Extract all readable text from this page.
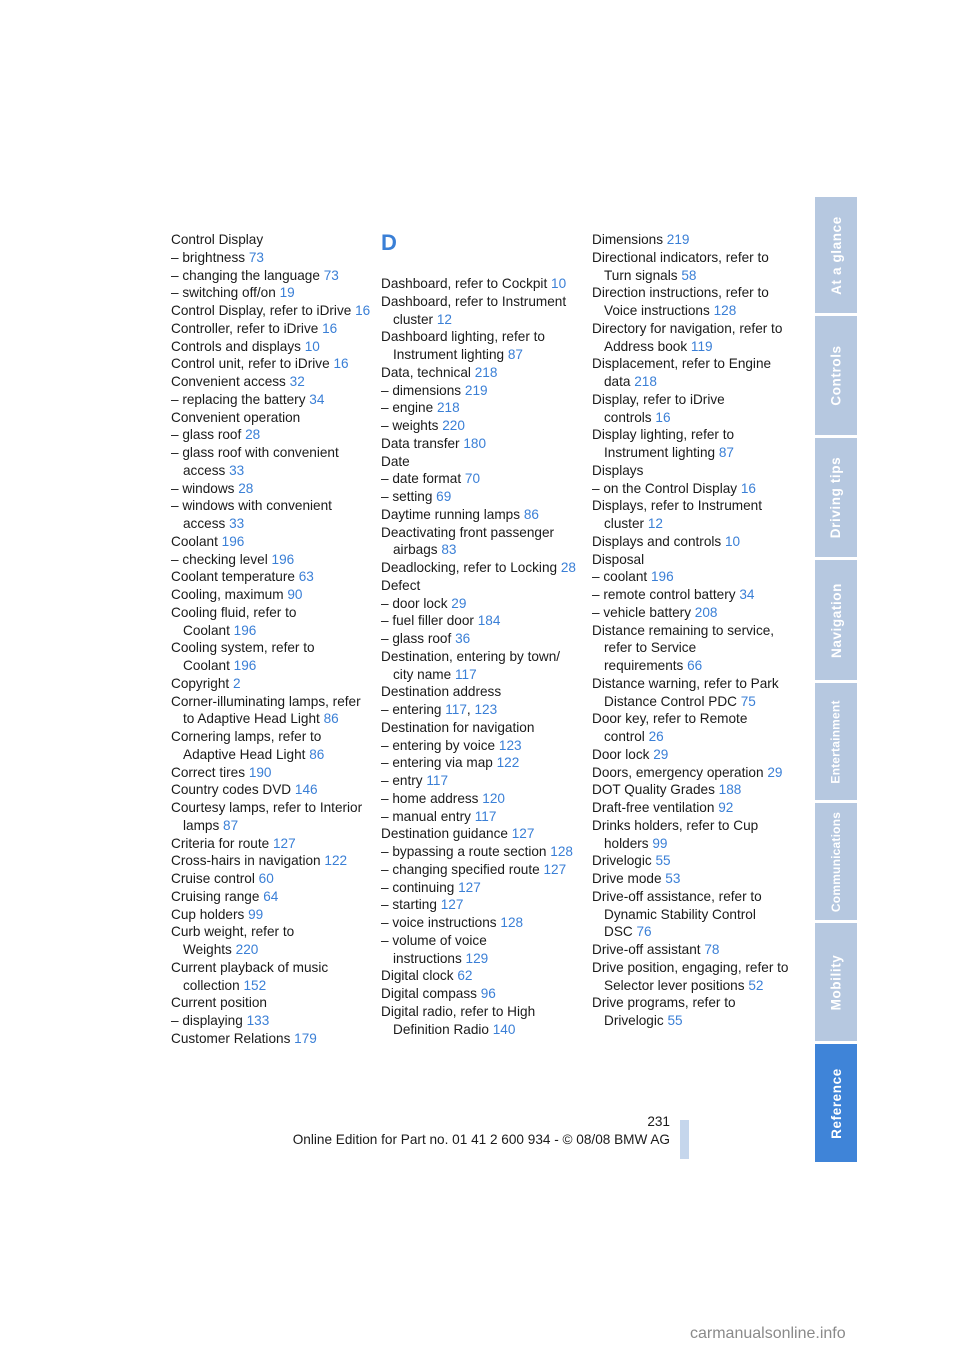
Control Display
– brightness 73
– changing the language 73
– switching off/on 19
Control Display, refer to iDrive 16
Controller, refer to iDrive 16
Controls and displays 10
Control unit, refer to iDrive 16
Convenient access 32
– replacing the battery 34
Convenient operation
– glass roof 28
– glass roof with convenient access 33
– windows 28
– windows with convenient access 33
Coolant 196
– checking level 196
Coolant temperature 63
Cooling, maximum 90
Cooling fluid, refer to Coolant 196
Cooling system, refer to Coolant 196
Copyright 2
Corner-illuminating lamps, refer to Adaptive Head Light 86
Cornering lamps, refer to Adaptive Head Light 86
Correct tires 190
Country codes DVD 146
Courtesy lamps, refer to Interior lamps 87
Criteria for route 127
Cross-hairs in navigation 122
Cruise control 60
Cruising range 64
Cup holders 99
Curb weight, refer to Weights 220
Current playback of music collection 152
Current position
– displaying 133
Customer Relations 179
D
Dashboard, refer to Cockpit 10
Dashboard, refer to Instrument cluster 12
Dashboard lighting, refer to Instrument lighting 87
Data, technical 218
– dimensions 219
– engine 218
– weights 220
Data transfer 180
Date
– date format 70
– setting 69
Daytime running lamps 86
Deactivating front passenger airbags 83
Deadlocking, refer to Locking 28
Defect
– door lock 29
– fuel filler door 184
– glass roof 36
Destination, entering by town/ city name 117
Destination address
– entering 117, 123
Destination for navigation
– entering by voice 123
– entering via map 122
– entry 117
– home address 120
– manual entry 117
Destination guidance 127
– bypassing a route section 128
– changing specified route 127
– continuing 127
– starting 127
– voice instructions 128
– volume of voice instructions 129
Digital clock 62
Digital compass 96
Digital radio, refer to High Definition Radio 140
Dimensions 219
Directional indicators, refer to Turn signals 58
Direction instructions, refer to Voice instructions 128
Directory for navigation, refer to Address book 119
Displacement, refer to Engine data 218
Display, refer to iDrive controls 16
Display lighting, refer to Instrument lighting 87
Displays
– on the Control Display 16
Displays, refer to Instrument cluster 12
Displays and controls 10
Disposal
– coolant 196
– remote control battery 34
– vehicle battery 208
Distance remaining to service, refer to Service requirements 66
Distance warning, refer to Park Distance Control PDC 75
Door key, refer to Remote control 26
Door lock 29
Doors, emergency operation 29
DOT Quality Grades 188
Draft-free ventilation 92
Drinks holders, refer to Cup holders 99
Drivelogic 55
Drive mode 53
Drive-off assistance, refer to Dynamic Stability Control DSC 76
Drive-off assistant 78
Drive position, engaging, refer to Selector lever positions 52
Drive programs, refer to Drivelogic 55
At a glance
Controls
Driving tips
Navigation
Entertainment
Communications
Mobility
Reference
231
Online Edition for Part no. 01 41 2 600 934 - © 08/08 BMW AG
carmanualsonline.info
